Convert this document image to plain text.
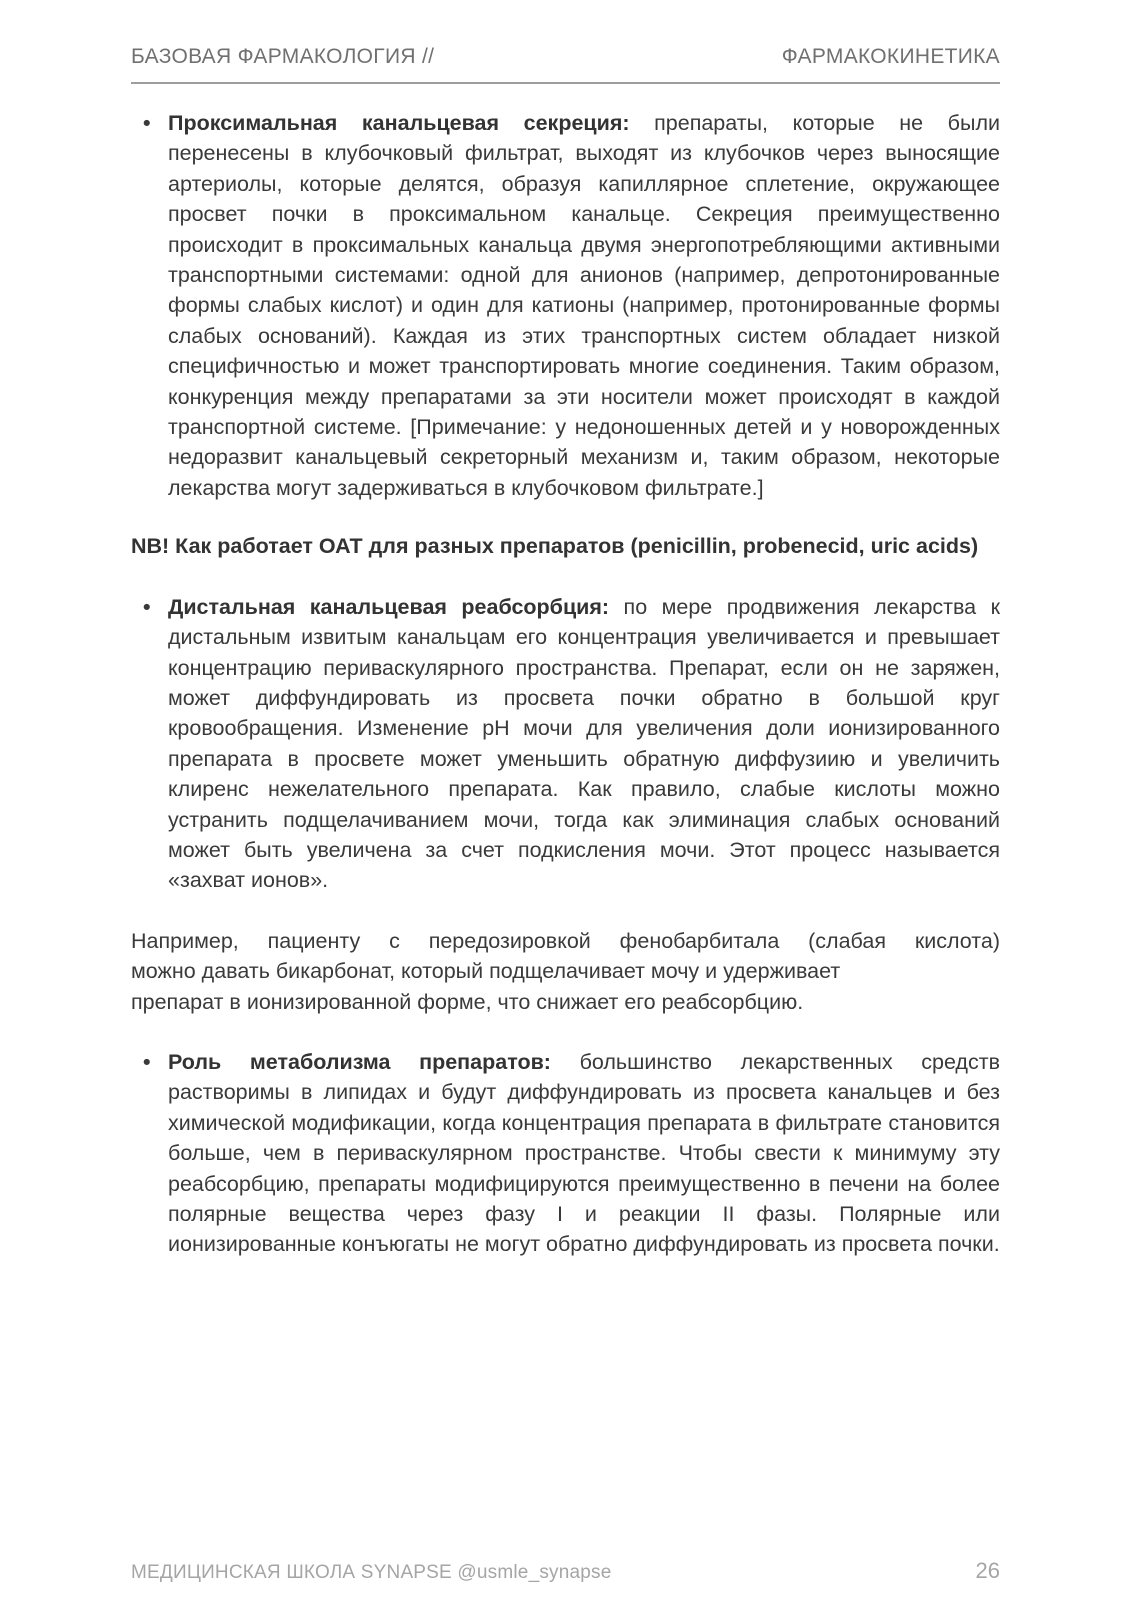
БАЗОВАЯ ФАРМАКОЛОГИЯ //	ФАРМАКОКИНЕТИКА
• Проксимальная канальцевая секреция: препараты, которые не были перенесены в клубочковый фильтрат, выходят из клубочков через выносящие артериолы, которые делятся, образуя капиллярное сплетение, окружающее просвет почки в проксимальном канальце. Секреция преимущественно происходит в проксимальных канальца двумя энергопотребляющими активными транспортными системами: одной для анионов (например, депротонированные формы слабых кислот) и один для катионы (например, протонированные формы слабых оснований). Каждая из этих транспортных систем обладает низкой специфичностью и может транспортировать многие соединения. Таким образом, конкуренция между препаратами за эти носители может происходят в каждой транспортной системе. [Примечание: у недоношенных детей и у новорожденных недоразвит канальцевый секреторный механизм и, таким образом, некоторые лекарства могут задерживаться в клубочковом фильтрате.]

NB! Как работает ОАТ для разных препаратов (penicillin, probenecid, uric acids)

• Дистальная канальцевая реабсорбция: по мере продвижения лекарства к дистальным извитым канальцам его концентрация увеличивается и превышает концентрацию периваскулярного пространства. Препарат, если он не заряжен, может диффундировать из просвета почки обратно в большой круг кровообращения. Изменение pH мочи для увеличения доли ионизированного препарата в просвете может уменьшить обратную диффузиию и увеличить клиренс нежелательного препарата. Как правило, слабые кислоты можно устранить подщелачиванием мочи, тогда как элиминация слабых оснований может быть увеличена за счет подкисления мочи. Этот процесс называется «захват ионов».

Например, пациенту с передозировкой фенобарбитала (слабая кислота)
можно давать бикарбонат, который подщелачивает мочу и удерживает
препарат в ионизированной форме, что снижает его реабсорбцию.

• Роль метаболизма препаратов: большинство лекарственных средств растворимы в липидах и будут диффундировать из просвета канальцев и без химической модификации, когда концентрация препарата в фильтрате становится больше, чем в периваскулярном пространстве. Чтобы свести к минимуму эту реабсорбцию, препараты модифицируются преимущественно в печени на более полярные вещества через фазу I и реакции II фазы. Полярные или ионизированные конъюгаты не могут обратно диффундировать из просвета почки.
МЕДИЦИНСКАЯ ШКОЛА SYNAPSE @usmle_synapse	26
